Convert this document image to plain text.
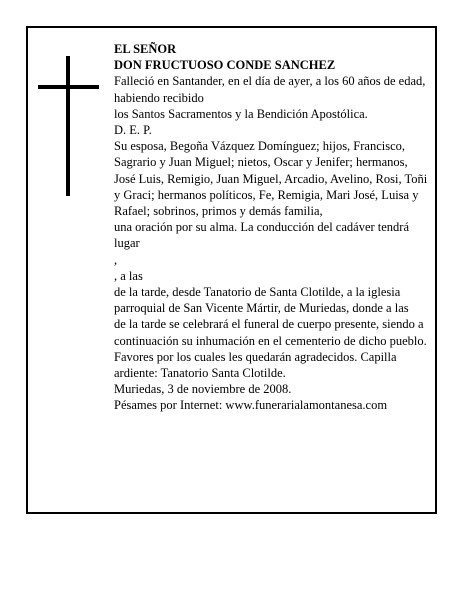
EL SEÑOR

DON FRUCTUOSO CONDE SANCHEZ

Falleció en Santander, en el día de ayer, a los 60 años de edad, habiendo recibido

los Santos Sacramentos y la Bendición Apostólica.

D. E. P.

Su esposa, Begoña Vázquez Domínguez; hijos, Francisco, Sagrario y Juan Miguel; nietos, Oscar y Jenifer; hermanos, José Luis, Remigio, Juan Miguel, Arcadio, Avelino, Rosi, Toñi y Graci; hermanos políticos, Fe, Remigia, Mari José, Luisa y Rafael; sobrinos, primos y demás familia,

una oración por su alma. La conducción del cadáver tendrá lugar

,

, a las

de la tarde, desde Tanatorio de Santa Clotilde, a la iglesia parroquial de San Vicente Mártir, de Muriedas, donde a las

de la tarde se celebrará el funeral de cuerpo presente, siendo a continuación su inhumación en el cementerio de dicho pueblo. Favores por los cuales les quedarán agradecidos. Capilla ardiente: Tanatorio Santa Clotilde.

Muriedas, 3 de noviembre de 2008.

Pésames por Internet: www.funerarialamontanesa.com
